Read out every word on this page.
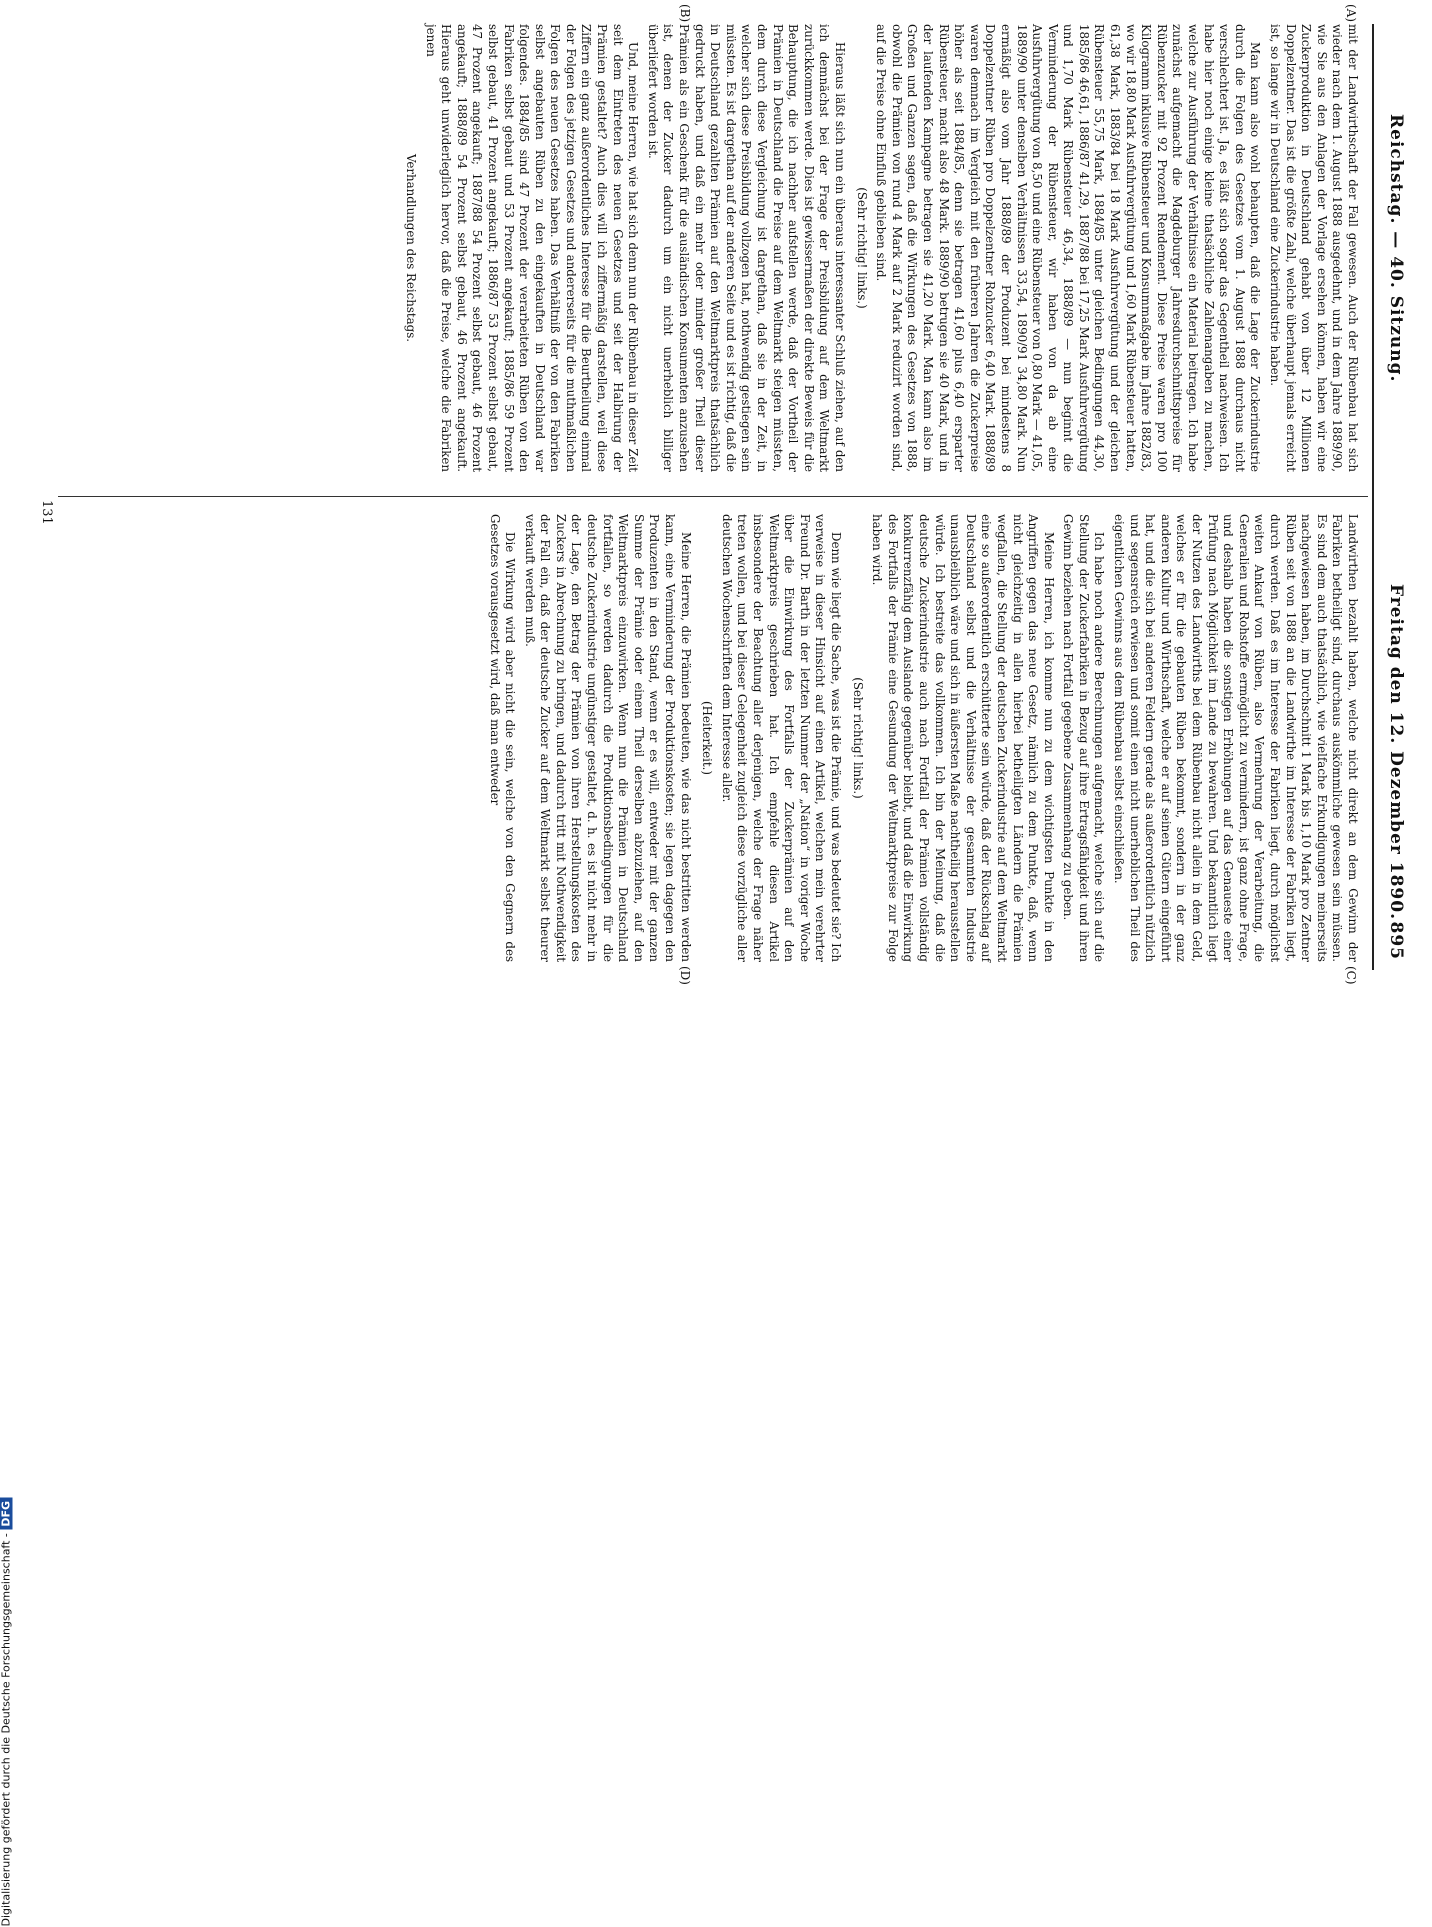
Reichstag. — 40. Sitzung.
Freitag den 12. Dezember 1890.
895
(A)
(B)
(C)
(D)

mit der Landwirthschaft der Fall gewesen. Auch der Rübenbau hat sich wieder nach dem 1. August 1888 ausgedehnt, und in dem Jahre 1889/90, wie Sie aus den Anlagen der Vorlage ersehen können, haben wir eine Zuckerproduktion in Deutschland gehabt von über 12 Millionen Doppelzentner. Das ist die größte Zahl, welche überhaupt jemals erreicht ist, so lange wir in Deutschland eine Zuckerindustrie haben.

Man kann also wohl behaupten, daß die Lage der Zuckerindustrie durch die Folgen des Gesetzes vom 1. August 1888 durchaus nicht verschlechtert ist. Ja, es läßt sich sogar das Gegentheil nachweisen. Ich habe hier noch einige kleine thatsächliche Zahlenangaben zu machen, welche zur Ausführung der Verhältnisse ein Material beitragen. Ich habe zunächst aufgemacht die Magdeburger Jahresdurchschnittspreise für Rübenzucker mit 92 Prozent Rendement. Diese Preise waren pro 100 Kilogramm inklusive Rübensteuer und Konsummaßgabe im Jahre 1882/83, wo wir 18,80 Mark Ausfuhrvergütung und 1,60 Mark Rübensteuer hatten, 61,38 Mark, 1883/84 bei 18 Mark Ausfuhrvergütung und der gleichen Rübensteuer 55,75 Mark, 1884/85 unter gleichen Bedingungen 44,30, 1885/86 46,61, 1886/87 41,29, 1887/88 bei 17,25 Mark Ausfuhrvergütung und 1,70 Mark Rübensteuer 46,34, 1888/89 — nun beginnt die Verminderung der Rübensteuer, wir haben von da ab eine Ausfuhrvergütung von 8,50 und eine Rübensteuer von 0,80 Mark — 41,05, 1889/90 unter denselben Verhältnissen 33,54, 1890/91 34,80 Mark. Nun ermäßigt also vom Jahr 1888/89 der Produzent bei mindestens 8 Doppelzentner Rüben pro Doppelzentner Rohzucker 6,40 Mark. 1888/89 waren demnach im Vergleich mit den früheren Jahren die Zuckerpreise höher als seit 1884/85, denn sie betragen 41,60 plus 6,40 ersparter Rübensteuer, macht also 48 Mark. 1889/90 betrugen sie 40 Mark, und in der laufenden Kampagne betragen sie 41,20 Mark. Man kann also im Großen und Ganzen sagen, daß die Wirkungen des Gesetzes von 1888, obwohl die Prämien von rund 4 Mark auf 2 Mark reduzirt worden sind, auf die Preise ohne Einfluß geblieben sind.

(Sehr richtig! links.)

Hieraus läßt sich nun ein überaus interessanter Schluß ziehen, auf den ich demnächst bei der Frage der Preisbildung auf dem Weltmarkt zurückkommen werde. Dies ist gewissermaßen der direkte Beweis für die Behauptung, die ich nachher aufstellen werde, daß der Vortheil der Prämien in Deutschland die Preise auf dem Weltmarkt steigen müssten, dem durch diese Vergleichung ist dargethan, daß sie in der Zeit, in welcher sich diese Preisbildung vollzogen hat, nothwendig gestiegen sein müssten. Es ist dargethan auf der anderen Seite und es ist richtig, daß die in Deutschland gezahlten Prämien auf den Weltmarktpreis thatsächlich gedruckt haben, und daß ein mehr oder minder großer Theil dieser Prämien als ein Geschenk für die ausländischen Konsumenten anzusehen ist, denen der Zucker dadurch um ein nicht unerheblich billiger überliefert worden ist.

Und, meine Herren, wie hat sich denn nun der Rübenbau in dieser Zeit seit dem Eintreten des neuen Gesetzes und seit der Halbirung der Prämien gestaltet? Auch dies will ich ziffermäßig darstellen, weil diese Ziffern ein ganz außerordentliches Interesse für die Beurtheilung einmal der Folgen des jetzigen Gesetzes und andererseits für die muthmaßlichen Folgen des neuen Gesetzes haben. Das Verhältniß der von den Fabriken selbst angebauten Rüben zu den eingekauften in Deutschland war folgendes. 1884/85 sind 47 Prozent der verarbeiteten Rüben von den Fabriken selbst gebaut und 53 Prozent angekauft; 1885/86 59 Prozent selbst gebaut, 41 Prozent angekauft; 1886/87 53 Prozent selbst gebaut, 47 Prozent angekauft; 1887/88 54 Prozent selbst gebaut, 46 Prozent angekauft; 1888/89 54 Prozent selbst gebaut, 46 Prozent angekauft. Hieraus geht unwiderleglich hervor, daß die Preise, welche die Fabriken jenen

Verhandlungen des Reichstags.

Landwirthen bezahlt haben, welche nicht direkt an dem Gewinn der Fabriken betheiligt sind, durchaus auskömmliche gewesen sein müssen. Es sind dem auch thatsächlich, wie vielfache Erkundigungen meinerseits nachgewiesen haben, im Durchschnitt 1 Mark bis 1,10 Mark pro Zentner Rüben seit von 1888 an die Landwirthe im Interesse der Fabriken liegt, durch werden. Daß es im Interesse der Fabriken liegt, durch möglichst weiten Ankauf von Rüben, also Vermehrung der Verarbeitung, die Generalien und Rohstoffe ermöglicht zu vermindern, ist ganz ohne Frage, und deshalb haben die sonstigen Erhöhungen auf das Genaueste einer Prüfung nach Möglichkeit im Lande zu bewahren. Und bekanntlich liegt der Nutzen des Landwirths bei dem Rübenbau nicht allein in dem Geld, welches er für die gebauten Rüben bekommt, sondern in der ganz anderen Kultur und Wirthschaft, welche er auf seinen Gütern eingeführt hat, und die sich bei anderen Feldern gerade als außerordentlich nützlich und segensreich erwiesen und somit einen nicht unerheblichen Theil des eigentlichen Gewinns aus dem Rübenbau selbst einschließen.

Ich habe noch andere Berechnungen aufgemacht, welche sich auf die Stellung der Zuckerfabriken in Bezug auf ihre Ertragsfähigkeit und ihren Gewinn beziehen nach Fortfall gegebene Zusammenhang zu geben.

Meine Herren, ich komme nun zu dem wichtigsten Punkte in den Angriffen gegen das neue Gesetz, nämlich zu dem Punkte, daß, wenn nicht gleichzeitig in allen hierbei betheiligten Ländern die Prämien wegfallen, die Stellung der deutschen Zuckerindustrie auf dem Weltmarkt eine so außerordentlich erschütterte sein würde, daß der Rückschlag auf Deutschland selbst und die Verhältnisse der gesammten Industrie unausbleiblich wäre und sich in äußersten Maße nachtheilig herausstellen würde. Ich bestreite das vollkommen. Ich bin der Meinung, daß die deutsche Zuckerindustrie auch nach Fortfall der Prämien vollständig konkurrenzfähig dem Auslande gegenüber bleibt, und daß die Einwirkung des Fortfalls der Prämie eine Gesundung der Weltmarktpreise zur Folge haben wird.

(Sehr richtig! links.)

Denn wie liegt die Sache, was ist die Prämie, und was bedeutet sie? Ich verweise in dieser Hinsicht auf einen Artikel, welchen mein verehrter Freund Dr. Barth in der letzten Nummer der „Nation“ in voriger Woche über die Einwirkung des Fortfalls der Zuckerprämien auf den Weltmarktpreis geschrieben hat. Ich empfehle diesen Artikel insbesondere der Beachtung aller derjenigen, welche der Frage näher treten wollen, und bei dieser Gelegenheit zugleich diese vorzügliche aller deutschen Wochenschriften dem Interesse aller.

(Heiterkeit.)

Meine Herren, die Prämien bedeuten, wie das nicht bestritten werden kann, eine Verminderung der Produktionskosten; sie legen dagegen den Produzenten in den Stand, wenn er es will, entweder mit der ganzen Summe der Prämie oder einem Theil derselben abzuziehen, auf den Weltmarktpreis einzuwirken. Wenn nun die Prämien in Deutschland fortfallen, so werden dadurch die Produktionsbedingungen für die deutsche Zuckerindustrie ungünstiger gestaltet, d. h. es ist nicht mehr in der Lage, den Betrag der Prämien von ihren Herstellungskosten des Zuckers in Abrechnung zu bringen, und dadurch tritt mit Nothwendigkeit der Fall ein, daß der deutsche Zucker auf dem Weltmarkt selbst theurer verkauft werden muß.

Die Wirkung wird aber nicht die sein, welche von den Gegnern des Gesetzes vorausgesetzt wird, daß man entweder

131
Digitalisierung gefördert durch die Deutsche Forschungsgemeinschaft - DFG
